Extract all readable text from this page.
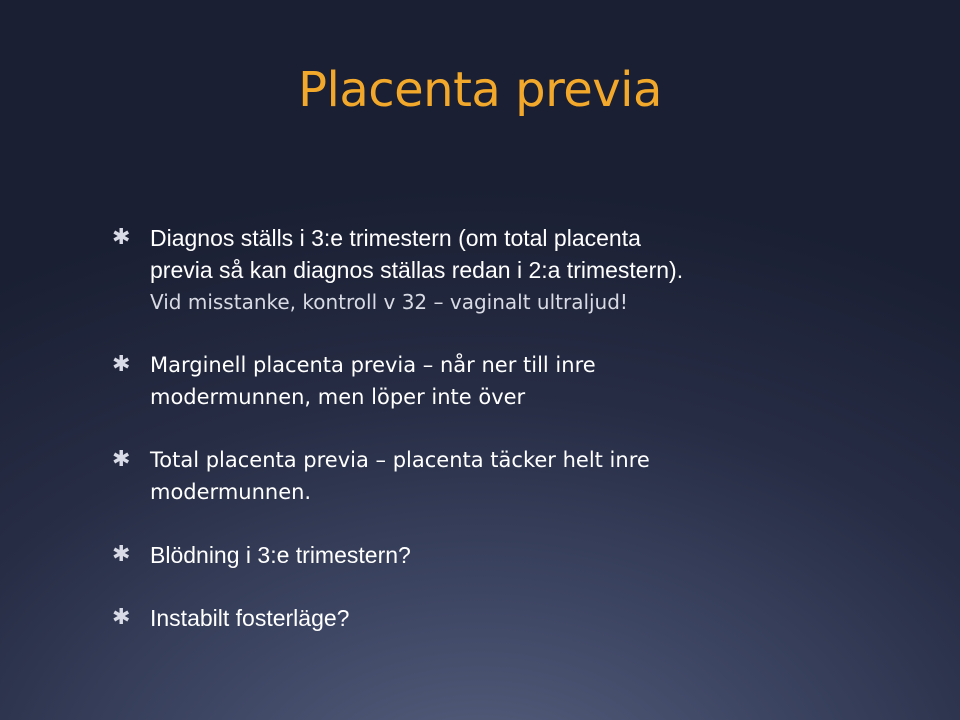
Placenta previa
✱ Diagnos ställs i 3:e trimestern (om total placenta
previa så kan diagnos ställas redan i 2:a trimestern).
Vid misstanke, kontroll v 32 – vaginalt ultraljud!
✱ Marginell placenta previa – når ner till inre
modermunnen, men löper inte över
✱ Total placenta previa – placenta täcker helt inre
modermunnen.
✱ Blödning i 3:e trimestern?
✱ Instabilt fosterläge?
